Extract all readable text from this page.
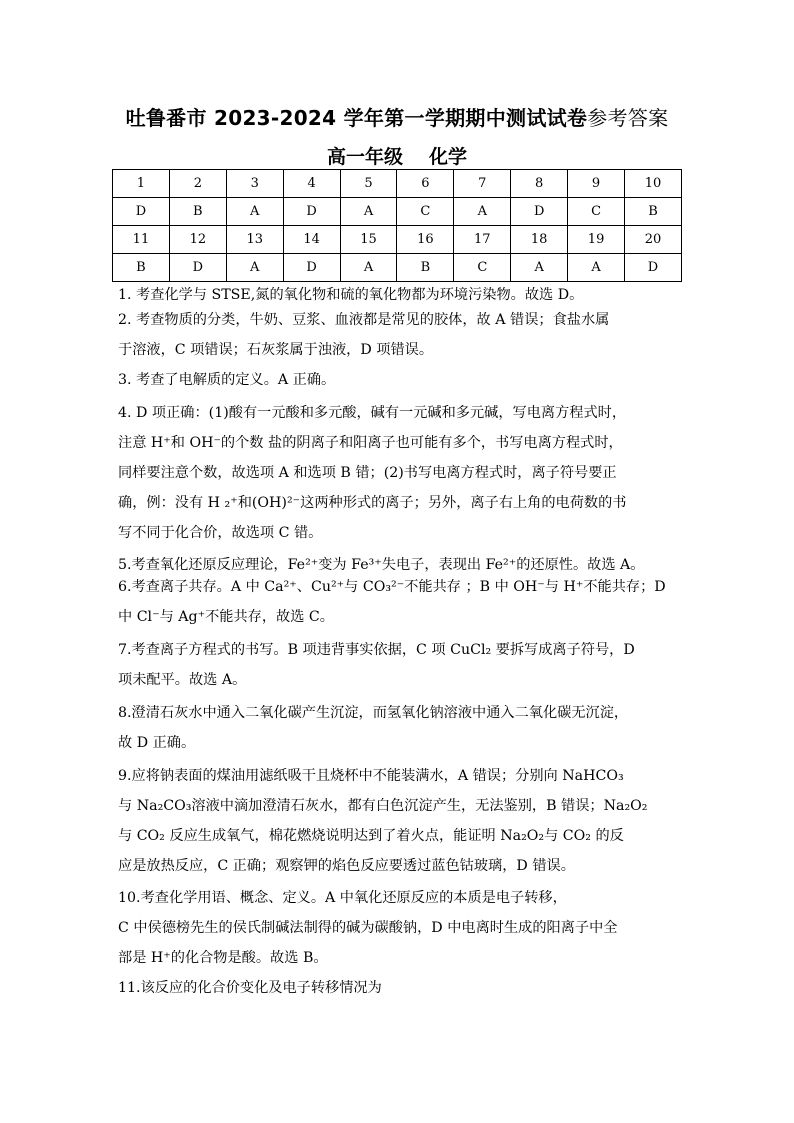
吐鲁番市 2023-2024 学年第一学期期中测试试卷参考答案
高一年级 化学
1	2	3	4	5	6	7	8	9	10
D	B	A	D	A	C	A	D	C	B
11	12	13	14	15	16	17	18	19	20
B	D	A	D	A	B	C	A	A	D
1. 考查化学与 STSE,氮的氧化物和硫的氧化物都为环境污染物。故选 D。
2. 考查物质的分类，牛奶、豆浆、血液都是常见的胶体，故 A 错误；食盐水属
于溶液，C 项错误；石灰浆属于浊液，D 项错误。
3. 考查了电解质的定义。A 正确。
4. D 项正确：(1)酸有一元酸和多元酸，碱有一元碱和多元碱，写电离方程式时，
注意 H⁺和 OH⁻的个数 盐的阴离子和阳离子也可能有多个，书写电离方程式时，
同样要注意个数，故选项 A 和选项 B 错；(2)书写电离方程式时，离子符号要正
确，例：没有 H ₂⁺和(OH)²⁻这两种形式的离子；另外，离子右上角的电荷数的书
写不同于化合价，故选项 C 错。
5.考查氧化还原反应理论，Fe²⁺变为 Fe³⁺失电子，表现出 Fe²⁺的还原性。故选 A。
6.考查离子共存。A 中 Ca²⁺、Cu²⁺与 CO₃²⁻不能共存 ；B 中 OH⁻与 H⁺不能共存；D
中 Cl⁻与 Ag⁺不能共存，故选 C。
7.考查离子方程式的书写。B 项违背事实依据，C 项 CuCl₂ 要拆写成离子符号，D
项未配平。故选 A。
8.澄清石灰水中通入二氧化碳产生沉淀，而氢氧化钠溶液中通入二氧化碳无沉淀，
故 D 正确。
9.应将钠表面的煤油用滤纸吸干且烧杯中不能装满水，A 错误；分别向 NaHCO₃
与 Na₂CO₃溶液中滴加澄清石灰水，都有白色沉淀产生，无法鉴别，B 错误；Na₂O₂
与 CO₂ 反应生成氧气，棉花燃烧说明达到了着火点，能证明 Na₂O₂与 CO₂ 的反
应是放热反应，C 正确；观察钾的焰色反应要透过蓝色钴玻璃，D 错误。
10.考查化学用语、概念、定义。A 中氧化还原反应的本质是电子转移，
C 中侯德榜先生的侯氏制碱法制得的碱为碳酸钠，D 中电离时生成的阳离子中全
部是 H⁺的化合物是酸。故选 B。
11.该反应的化合价变化及电子转移情况为
